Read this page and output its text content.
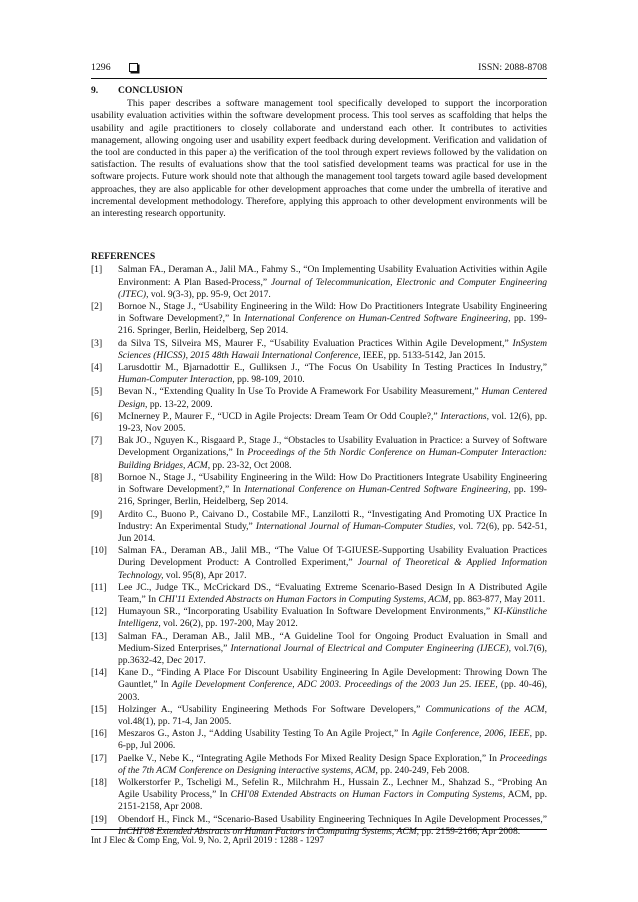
1296	ISSN: 2088-8708
9.	CONCLUSION

This paper describes a software management tool specifically developed to support the incorporation usability evaluation activities within the software development process. This tool serves as scaffolding that helps the usability and agile practitioners to closely collaborate and understand each other. It contributes to activities management, allowing ongoing user and usability expert feedback during development. Verification and validation of the tool are conducted in this paper a) the verification of the tool through expert reviews followed by the validation on satisfaction. The results of evaluations show that the tool satisfied development teams was practical for use in the software projects. Future work should note that although the management tool targets toward agile based development approaches, they are also applicable for other development approaches that come under the umbrella of iterative and incremental development methodology. Therefore, applying this approach to other development environments will be an interesting research opportunity.

REFERENCES
[1]	Salman FA., Deraman A., Jalil MA., Fahmy S., “On Implementing Usability Evaluation Activities within Agile Environment: A Plan Based-Process,” Journal of Telecommunication, Electronic and Computer Engineering (JTEC), vol. 9(3-3), pp. 95-9, Oct 2017.
[2]	Bornoe N., Stage J., “Usability Engineering in the Wild: How Do Practitioners Integrate Usability Engineering in Software Development?,” In International Conference on Human-Centred Software Engineering, pp. 199-216. Springer, Berlin, Heidelberg, Sep 2014.
[3]	da Silva TS, Silveira MS, Maurer F., “Usability Evaluation Practices Within Agile Development,” InSystem Sciences (HICSS), 2015 48th Hawaii International Conference, IEEE, pp. 5133-5142, Jan 2015.
[4]	Larusdottir M., Bjarnadottir E., Gulliksen J., “The Focus On Usability In Testing Practices In Industry,” Human-Computer Interaction, pp. 98-109, 2010.
[5]	Bevan N., “Extending Quality In Use To Provide A Framework For Usability Measurement,” Human Centered Design, pp. 13-22, 2009.
[6]	McInerney P., Maurer F., “UCD in Agile Projects: Dream Team Or Odd Couple?,” Interactions, vol. 12(6), pp. 19-23, Nov 2005.
[7]	Bak JO., Nguyen K., Risgaard P., Stage J., “Obstacles to Usability Evaluation in Practice: a Survey of Software Development Organizations,” In Proceedings of the 5th Nordic Conference on Human-Computer Interaction: Building Bridges, ACM, pp. 23-32, Oct 2008.
[8]	Bornoe N., Stage J., “Usability Engineering in the Wild: How Do Practitioners Integrate Usability Engineering in Software Development?,” In International Conference on Human-Centred Software Engineering, pp. 199-216, Springer, Berlin, Heidelberg, Sep 2014.
[9]	Ardito C., Buono P., Caivano D., Costabile MF., Lanzilotti R., “Investigating And Promoting UX Practice In Industry: An Experimental Study,” International Journal of Human-Computer Studies, vol. 72(6), pp. 542-51, Jun 2014.
[10]	Salman FA., Deraman AB., Jalil MB., “The Value Of T-GIUESE-Supporting Usability Evaluation Practices During Development Product: A Controlled Experiment,” Journal of Theoretical & Applied Information Technology, vol. 95(8), Apr 2017.
[11]	Lee JC., Judge TK., McCrickard DS., “Evaluating Extreme Scenario-Based Design In A Distributed Agile Team,” In CHI'11 Extended Abstracts on Human Factors in Computing Systems, ACM, pp. 863-877, May 2011.
[12]	Humayoun SR., “Incorporating Usability Evaluation In Software Development Environments,” KI-Künstliche Intelligenz, vol. 26(2), pp. 197-200, May 2012.
[13]	Salman FA., Deraman AB., Jalil MB., “A Guideline Tool for Ongoing Product Evaluation in Small and Medium-Sized Enterprises,” International Journal of Electrical and Computer Engineering (IJECE), vol.7(6), pp.3632-42, Dec 2017.
[14]	Kane D., “Finding A Place For Discount Usability Engineering In Agile Development: Throwing Down The Gauntlet,” In Agile Development Conference, ADC 2003. Proceedings of the 2003 Jun 25. IEEE, (pp. 40-46), 2003.
[15]	Holzinger A., “Usability Engineering Methods For Software Developers,” Communications of the ACM, vol.48(1), pp. 71-4, Jan 2005.
[16]	Meszaros G., Aston J., “Adding Usability Testing To An Agile Project,” In Agile Conference, 2006, IEEE, pp. 6-pp, Jul 2006.
[17]	Paelke V., Nebe K., “Integrating Agile Methods For Mixed Reality Design Space Exploration,” In Proceedings of the 7th ACM Conference on Designing interactive systems, ACM, pp. 240-249, Feb 2008.
[18]	Wolkerstorfer P., Tscheligi M., Sefelin R., Milchrahm H., Hussain Z., Lechner M., Shahzad S., “Probing An Agile Usability Process,” In CHI'08 Extended Abstracts on Human Factors in Computing Systems, ACM, pp. 2151-2158, Apr 2008.
[19]	Obendorf H., Finck M., “Scenario-Based Usability Engineering Techniques In Agile Development Processes,” InCHI'08 Extended Abstracts on Human Factors in Computing Systems, ACM, pp. 2159-2166, Apr 2008.
Int J Elec & Comp Eng, Vol. 9, No. 2, April 2019 : 1288 - 1297
